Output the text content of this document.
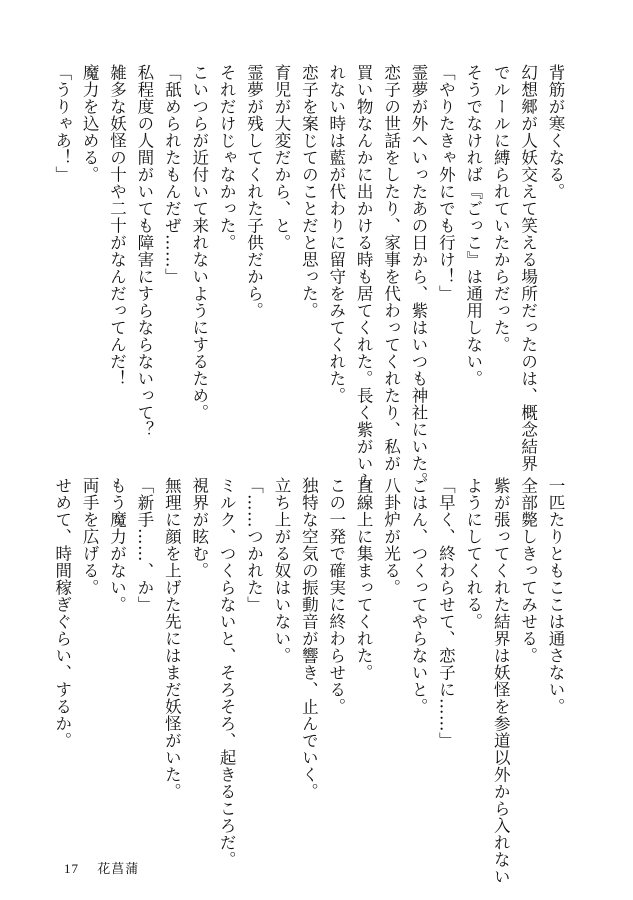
背筋が寒くなる。

幻想郷が人妖交えて笑える場所だったのは、概念結界

でルールに縛られていたからだった。

そうでなければ『ごっこ』は通用しない。

「やりたきゃ外にでも行け！」

霊夢が外へいったあの日から、紫はいつも神社にいた。

恋子の世話をしたり、家事を代わってくれたり、私が

買い物なんかに出かける時も居てくれた。長く紫がいら

れない時は藍が代わりに留守をみてくれた。

恋子を案じてのことだと思った。

育児が大変だから、と。

霊夢が残してくれた子供だから。

それだけじゃなかった。

こいつらが近付いて来れないようにするため。

「舐められたもんだぜ……」

私程度の人間がいても障害にすらならないって？

雑多な妖怪の十や二十がなんだってんだ！

魔力を込める。

「うりゃあ！」

一匹たりともここは通さない。

全部斃しきってみせる。

紫が張ってくれた結界は妖怪を参道以外から入れない

ようにしてくれる。

「早く、終わらせて、恋子に……」

ごはん、つくってやらないと。

八卦炉が光る。

直線上に集まってくれた。

この一発で確実に終わらせる。

独特な空気の振動音が響き、止んでいく。

立ち上がる奴はいない。

「……つかれた」

ミルク、つくらないと、そろそろ、起きるころだ。

視界が眩む。

無理に顔を上げた先にはまだ妖怪がいた。

「新手……、か」

もう魔力がない。

両手を広げる。

せめて、時間稼ぎぐらい、するか。

17 花菖蒲
